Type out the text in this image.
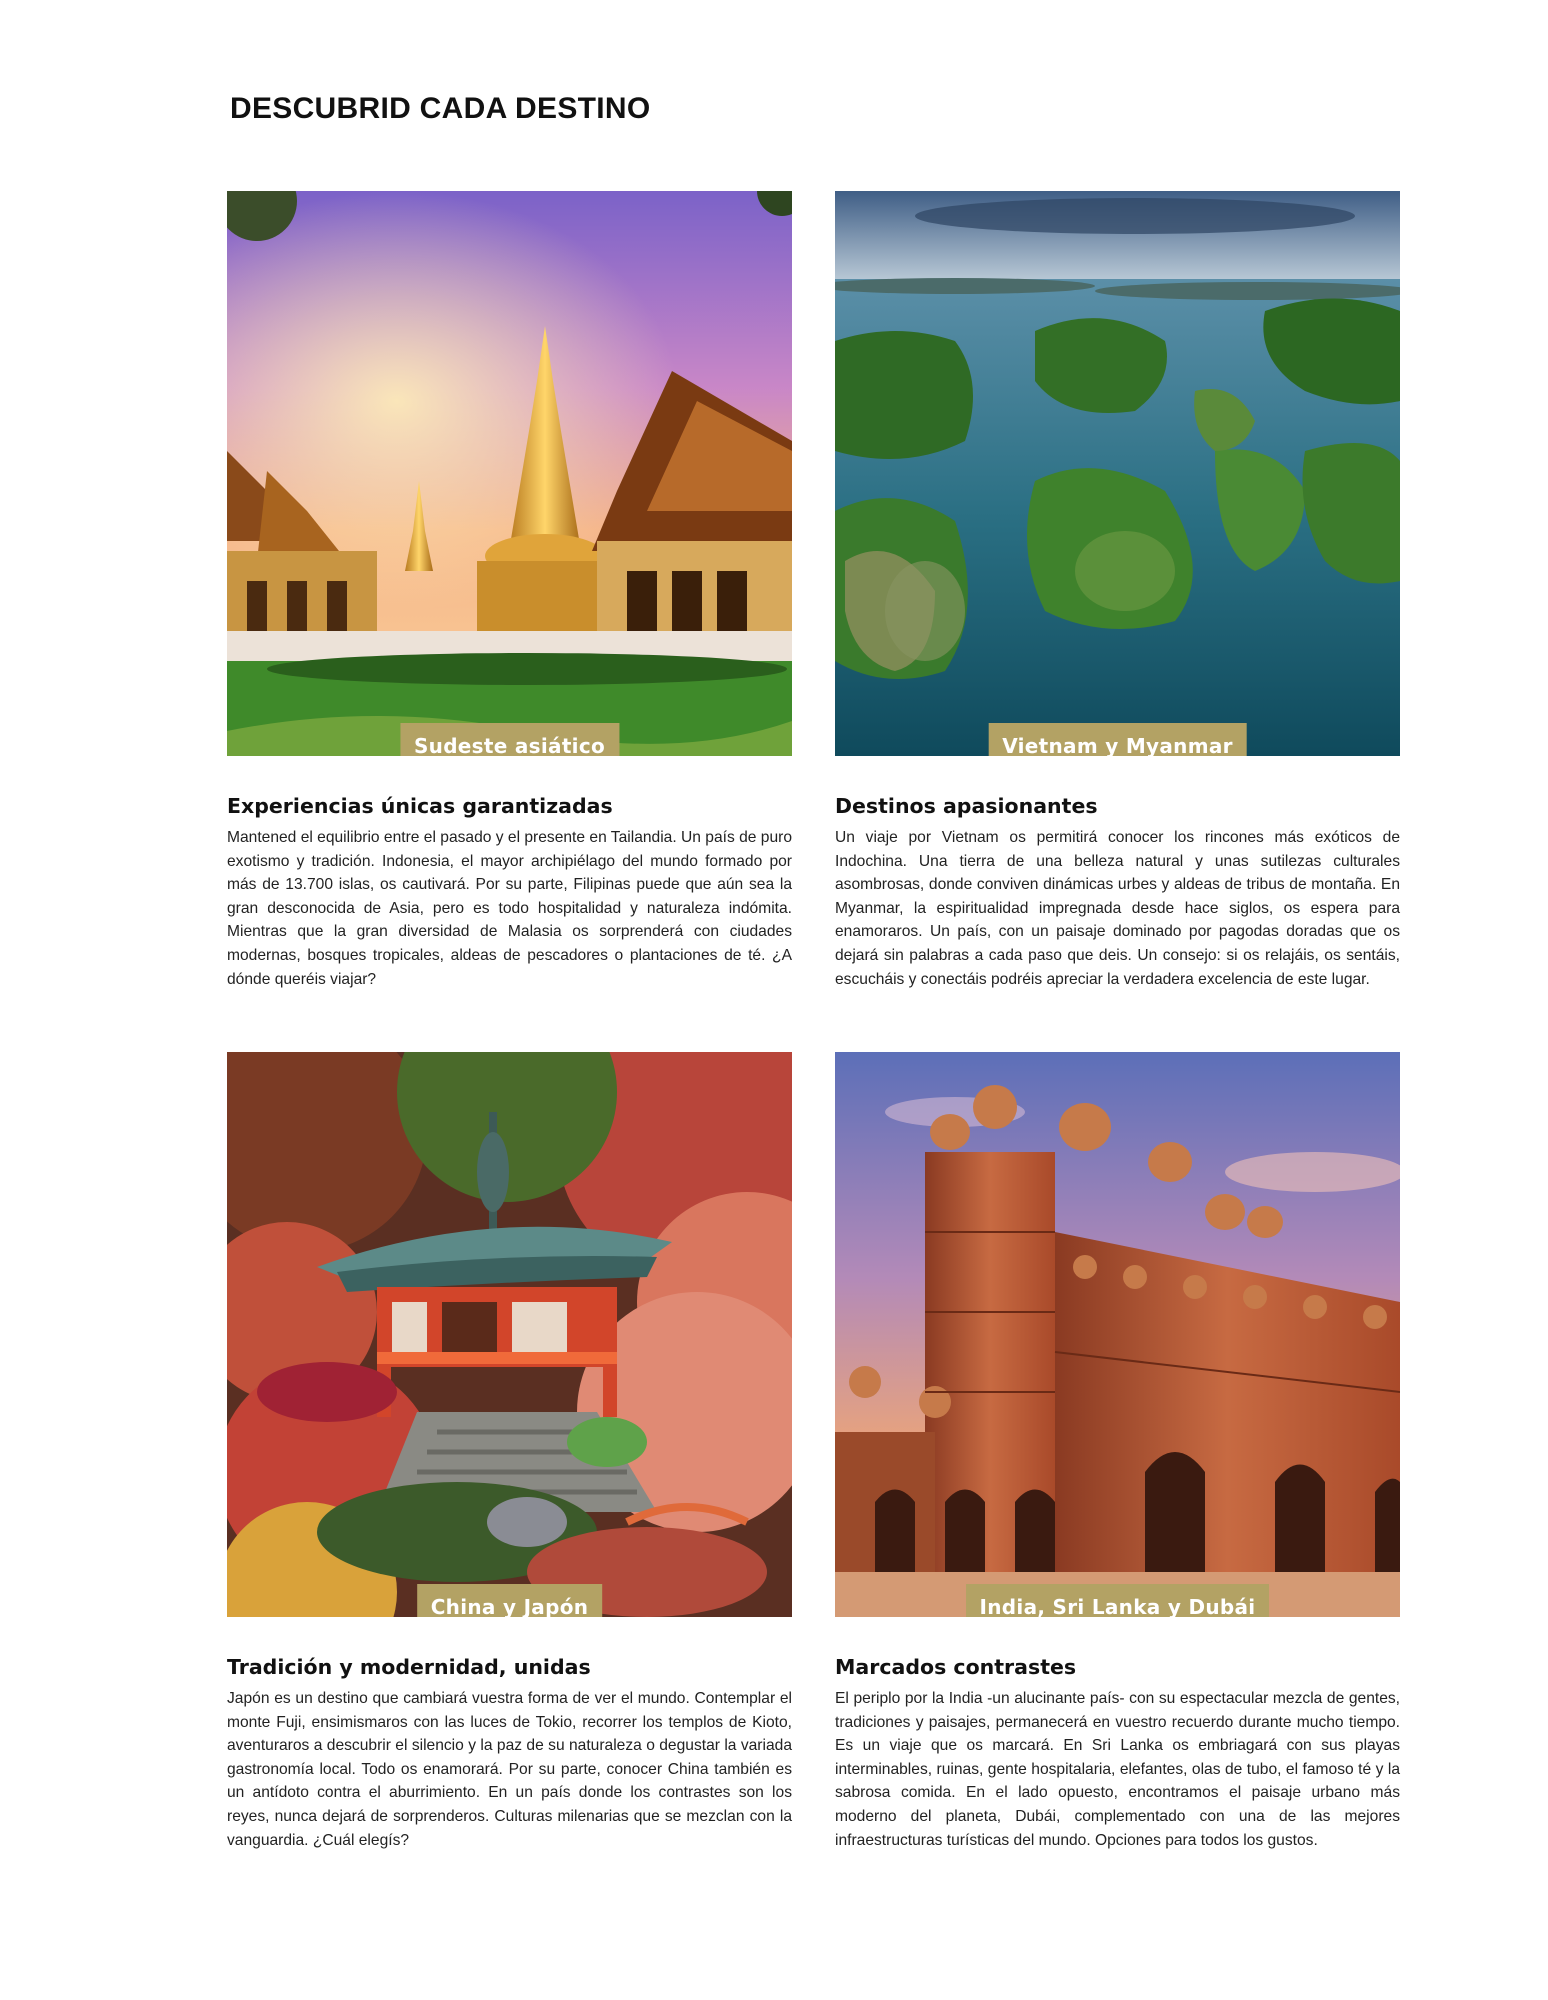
DESCUBRID CADA DESTINO
Sudeste asiático
Experiencias únicas garantizadas
Mantened el equilibrio entre el pasado y el presente en Tailandia. Un país de puro exotismo y tradición. Indonesia, el mayor archipiélago del mundo formado por más de 13.700 islas, os cautivará. Por su parte, Filipinas puede que aún sea la gran desconocida de Asia, pero es todo hospitalidad y naturaleza indómita. Mientras que la gran diversidad de Malasia os sorprenderá con ciudades modernas, bosques tropicales, aldeas de pescadores o plantaciones de té. ¿A dónde queréis viajar?
Vietnam y Myanmar
Destinos apasionantes
Un viaje por Vietnam os permitirá conocer los rincones más exóticos de Indochina. Una tierra de una belleza natural y unas sutilezas culturales asombrosas, donde conviven dinámicas urbes y aldeas de tribus de montaña. En Myanmar, la espiritualidad impregnada desde hace siglos, os espera para enamoraros. Un país, con un paisaje dominado por pagodas doradas que os dejará sin palabras a cada paso que deis. Un consejo: si os relajáis, os sentáis, escucháis y conectáis podréis apreciar la verdadera excelencia de este lugar.
China y Japón
Tradición y modernidad, unidas
Japón es un destino que cambiará vuestra forma de ver el mundo. Contemplar el monte Fuji, ensimismaros con las luces de Tokio, recorrer los templos de Kioto, aventuraros a descubrir el silencio y la paz de su naturaleza o degustar la variada gastronomía local. Todo os enamorará. Por su parte, conocer China también es un antídoto contra el aburrimiento. En un país donde los contrastes son los reyes, nunca dejará de sorprenderos. Culturas milenarias que se mezclan con la vanguardia. ¿Cuál elegís?
India, Sri Lanka y Dubái
Marcados contrastes
El periplo por la India -un alucinante país- con su espectacular mezcla de gentes, tradiciones y paisajes, permanecerá en vuestro recuerdo durante mucho tiempo. Es un viaje que os marcará. En Sri Lanka os embriagará con sus playas interminables, ruinas, gente hospitalaria, elefantes, olas de tubo, el famoso té y la sabrosa comida. En el lado opuesto, encontramos el paisaje urbano más moderno del planeta, Dubái, complementado con una de las mejores infraestructuras turísticas del mundo. Opciones para todos los gustos.
